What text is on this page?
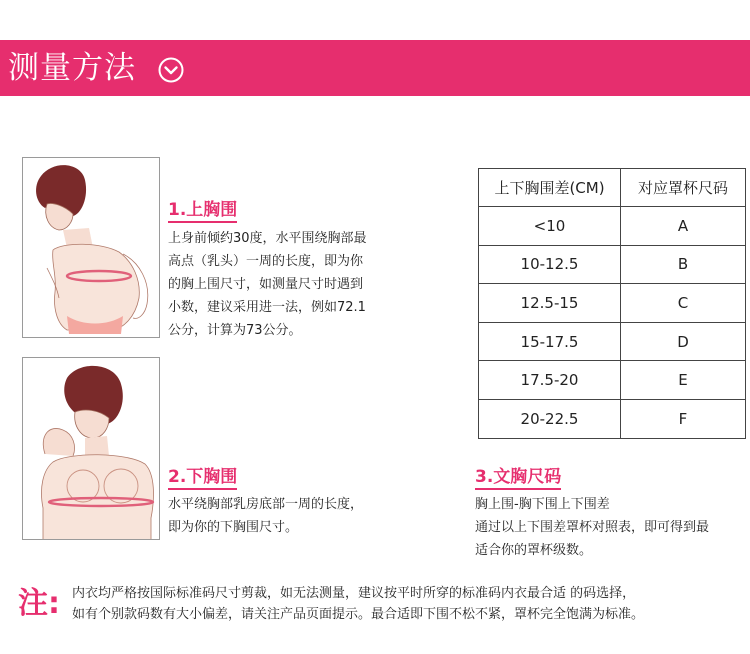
测量方法
1.上胸围
上身前倾约30度，水平围绕胸部最
高点（乳头）一周的长度，即为你
的胸上围尺寸，如测量尺寸时遇到
小数，建议采用进一法，例如72.1
公分，计算为73公分。
2.下胸围
水平绕胸部乳房底部一周的长度，
即为你的下胸围尺寸。
上下胸围差(CM)	对应罩杯尺码
<10	A
10-12.5	B
12.5-15	C
15-17.5	D
17.5-20	E
20-22.5	F
3.文胸尺码
胸上围-胸下围上下围差
通过以上下围差罩杯对照表，即可得到最
适合你的罩杯级数。
注: 内衣均严格按国际标准码尺寸剪裁，如无法测量，建议按平时所穿的标准码内衣最合适 的码选择，
如有个别款码数有大小偏差，请关注产品页面提示。最合适即下围不松不紧，罩杯完全饱满为标准。
